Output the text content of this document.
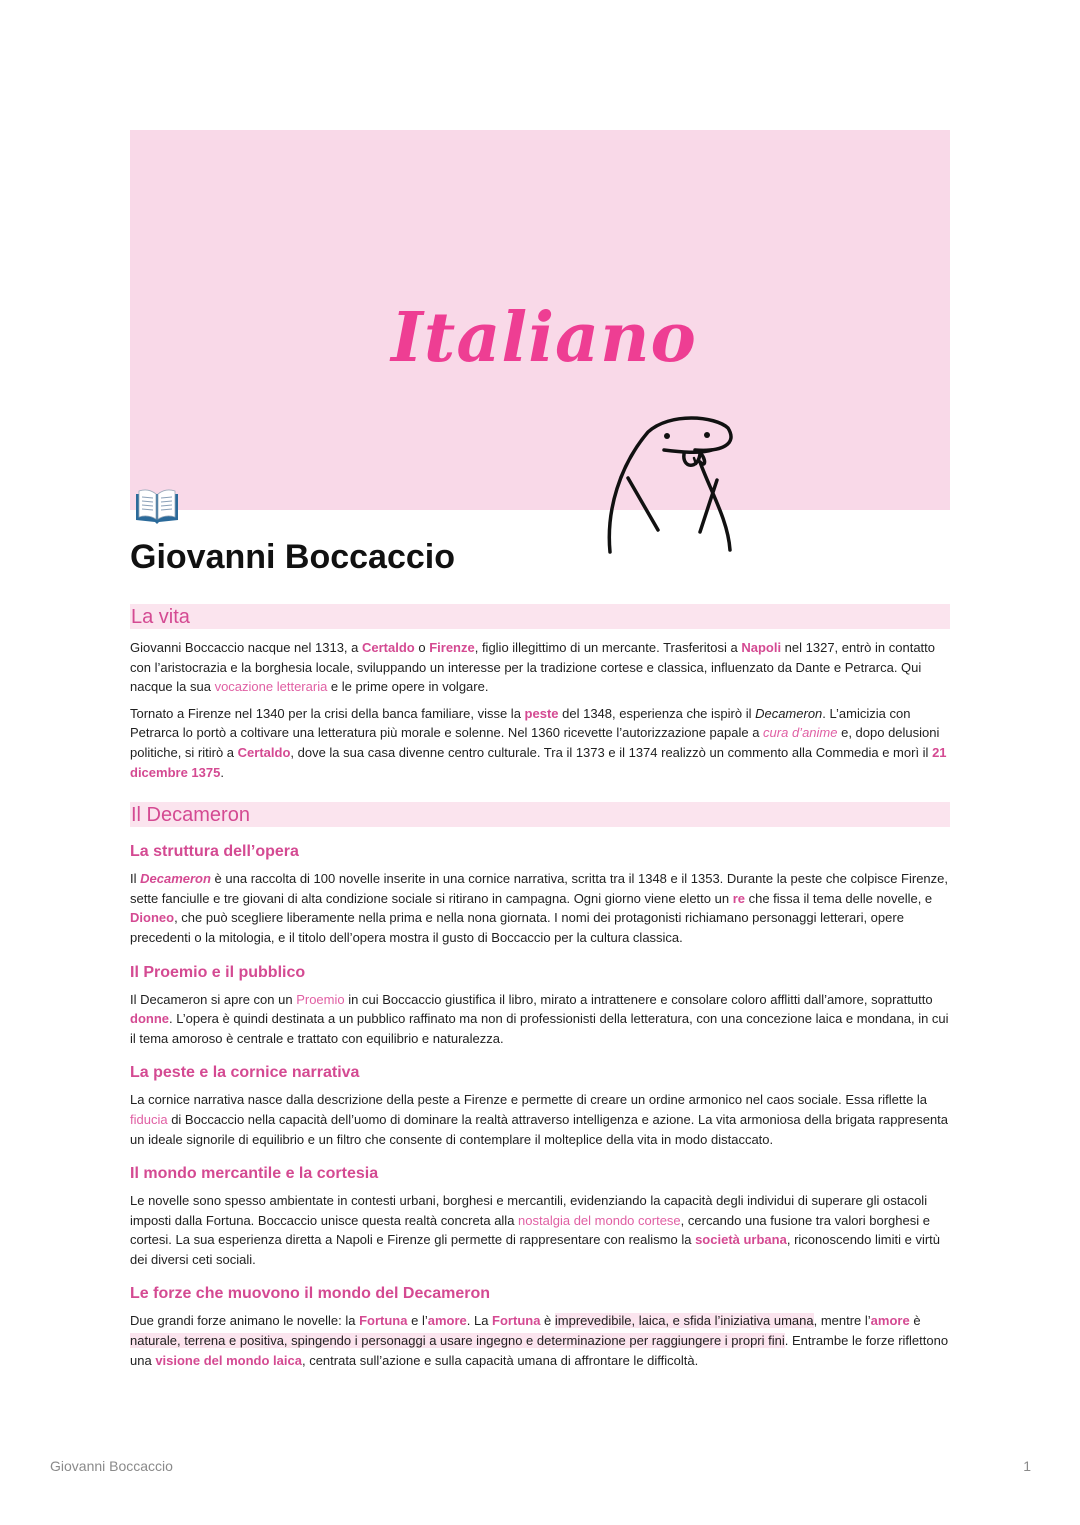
Italiano
Giovanni Boccaccio
La vita

Giovanni Boccaccio nacque nel 1313, a Certaldo o Firenze, figlio illegittimo di un mercante. Trasferitosi a Napoli nel 1327, entrò in contatto con l’aristocrazia e la borghesia locale, sviluppando un interesse per la tradizione cortese e classica, influenzato da Dante e Petrarca. Qui nacque la sua vocazione letteraria e le prime opere in volgare.

Tornato a Firenze nel 1340 per la crisi della banca familiare, visse la peste del 1348, esperienza che ispirò il Decameron. L’amicizia con Petrarca lo portò a coltivare una letteratura più morale e solenne. Nel 1360 ricevette l’autorizzazione papale a cura d’anime e, dopo delusioni politiche, si ritirò a Certaldo, dove la sua casa divenne centro culturale. Tra il 1373 e il 1374 realizzò un commento alla Commedia e morì il 21 dicembre 1375.

Il Decameron
La struttura dell’opera

Il Decameron è una raccolta di 100 novelle inserite in una cornice narrativa, scritta tra il 1348 e il 1353. Durante la peste che colpisce Firenze, sette fanciulle e tre giovani di alta condizione sociale si ritirano in campagna. Ogni giorno viene eletto un re che fissa il tema delle novelle, e Dioneo, che può scegliere liberamente nella prima e nella nona giornata. I nomi dei protagonisti richiamano personaggi letterari, opere precedenti o la mitologia, e il titolo dell’opera mostra il gusto di Boccaccio per la cultura classica.

Il Proemio e il pubblico

Il Decameron si apre con un Proemio in cui Boccaccio giustifica il libro, mirato a intrattenere e consolare coloro afflitti dall’amore, soprattutto donne. L’opera è quindi destinata a un pubblico raffinato ma non di professionisti della letteratura, con una concezione laica e mondana, in cui il tema amoroso è centrale e trattato con equilibrio e naturalezza.

La peste e la cornice narrativa

La cornice narrativa nasce dalla descrizione della peste a Firenze e permette di creare un ordine armonico nel caos sociale. Essa riflette la fiducia di Boccaccio nella capacità dell’uomo di dominare la realtà attraverso intelligenza e azione. La vita armoniosa della brigata rappresenta un ideale signorile di equilibrio e un filtro che consente di contemplare il molteplice della vita in modo distaccato.

Il mondo mercantile e la cortesia

Le novelle sono spesso ambientate in contesti urbani, borghesi e mercantili, evidenziando la capacità degli individui di superare gli ostacoli imposti dalla Fortuna. Boccaccio unisce questa realtà concreta alla nostalgia del mondo cortese, cercando una fusione tra valori borghesi e cortesi. La sua esperienza diretta a Napoli e Firenze gli permette di rappresentare con realismo la società urbana, riconoscendo limiti e virtù dei diversi ceti sociali.

Le forze che muovono il mondo del Decameron

Due grandi forze animano le novelle: la Fortuna e l’amore. La Fortuna è imprevedibile, laica, e sfida l’iniziativa umana, mentre l’amore è naturale, terrena e positiva, spingendo i personaggi a usare ingegno e determinazione per raggiungere i propri fini. Entrambe le forze riflettono una visione del mondo laica, centrata sull’azione e sulla capacità umana di affrontare le difficoltà.

Giovanni Boccaccio	1
